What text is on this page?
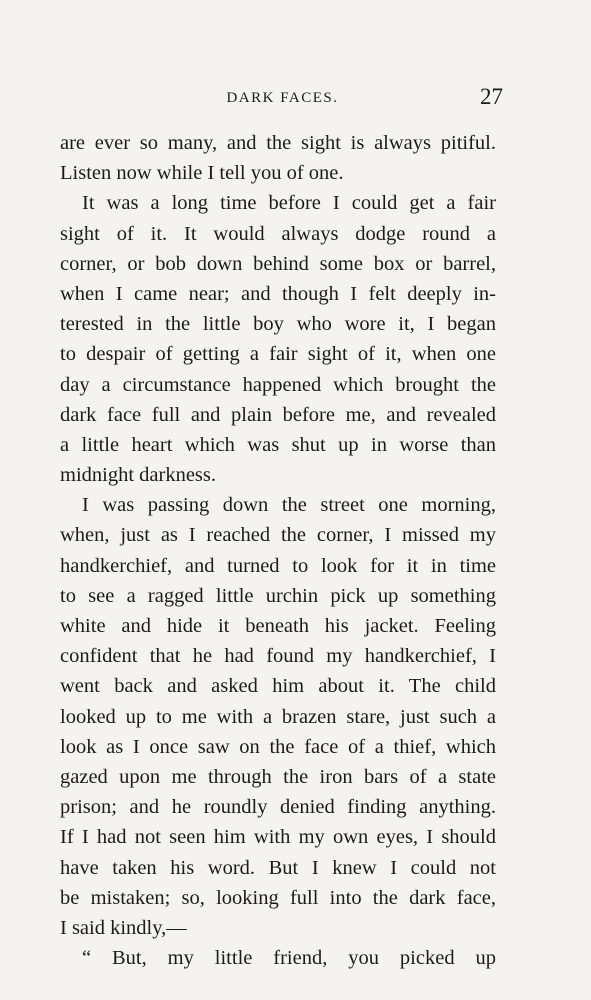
DARK FACES.	27
are ever so many, and the sight is always pitiful.
Listen now while I tell you of one.
It was a long time before I could get a fair
sight of it. It would always dodge round a
corner, or bob down behind some box or barrel,
when I came near; and though I felt deeply in-
terested in the little boy who wore it, I began
to despair of getting a fair sight of it, when one
day a circumstance happened which brought the
dark face full and plain before me, and revealed
a little heart which was shut up in worse than
midnight darkness.
I was passing down the street one morning,
when, just as I reached the corner, I missed my
handkerchief, and turned to look for it in time
to see a ragged little urchin pick up something
white and hide it beneath his jacket. Feeling
confident that he had found my handkerchief, I
went back and asked him about it. The child
looked up to me with a brazen stare, just such a
look as I once saw on the face of a thief, which
gazed upon me through the iron bars of a state
prison; and he roundly denied finding anything.
If I had not seen him with my own eyes, I should
have taken his word. But I knew I could not
be mistaken; so, looking full into the dark face,
I said kindly,—
“ But, my little friend, you picked up
